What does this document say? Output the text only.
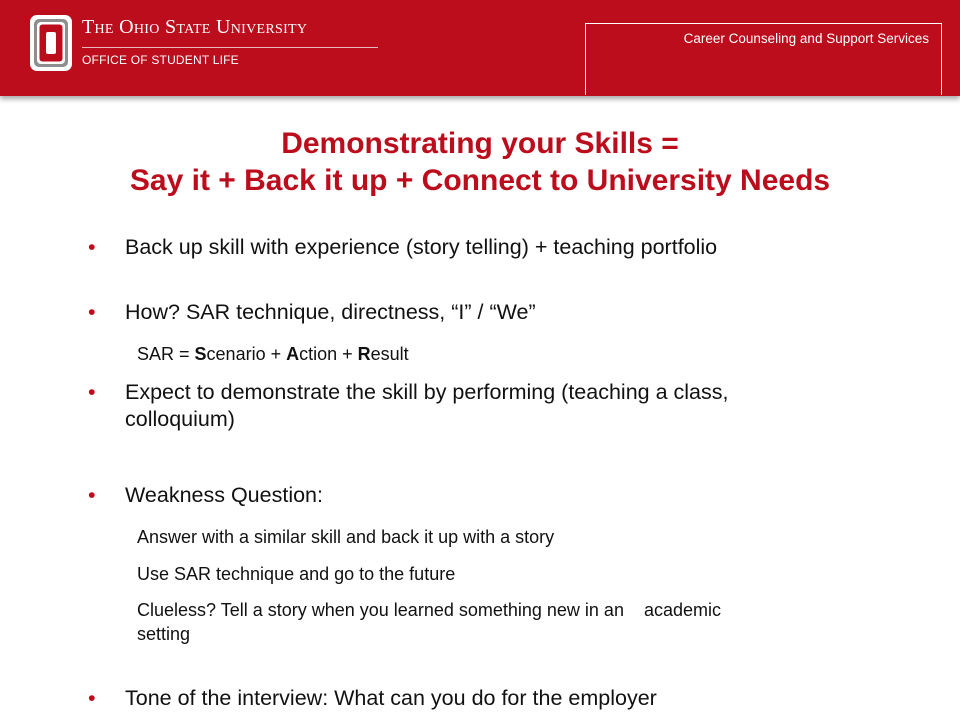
The Ohio State University

OFFICE OF STUDENT LIFE
Career Counseling and Support Services
Demonstrating your Skills =
Say it + Back it up + Connect to University Needs
• Back up skill with experience (story telling) + teaching portfolio
• How? SAR technique, directness, “I” / “We”
SAR = Scenario + Action + Result
• Expect to demonstrate the skill by performing (teaching a class,
colloquium)
• Weakness Question:
Answer with a similar skill and back it up with a story
Use SAR technique and go to the future
Clueless? Tell a story when you learned something new in an    academic
setting
• Tone of the interview: What can you do for the employer
